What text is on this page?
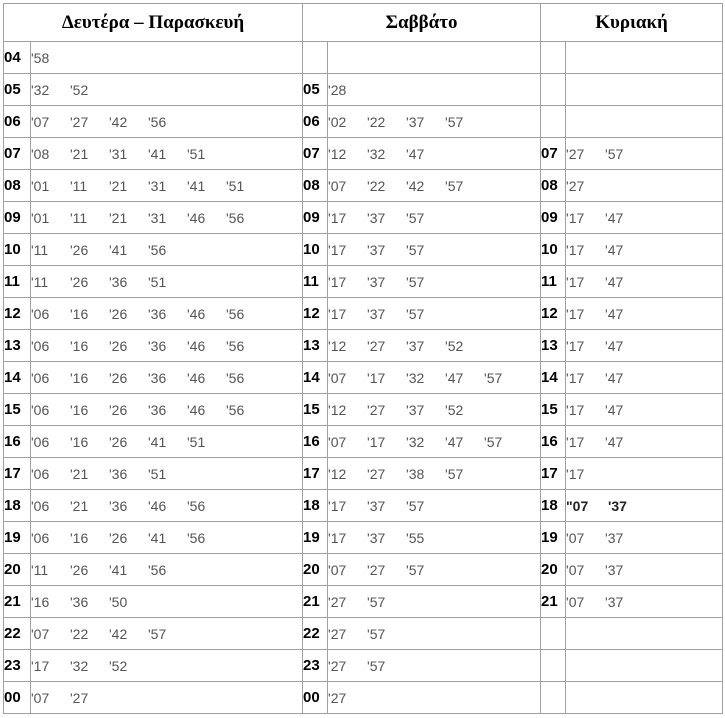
Δευτέρα – Παρασκευή		Σαββάτο		Κυριακή	
04	'58				
05	'32 '52	05	'28		
06	'07 '27 '42 '56	06	'02 '22 '37 '57		
07	'08 '21 '31 '41 '51	07	'12 '32 '47	07	'27 '57
08	'01 '11 '21 '31 '41 '51	08	'07 '22 '42 '57	08	'27
09	'01 '11 '21 '31 '46 '56	09	'17 '37 '57	09	'17 '47
10	'11 '26 '41 '56	10	'17 '37 '57	10	'17 '47
11	'11 '26 '36 '51	11	'17 '37 '57	11	'17 '47
12	'06 '16 '26 '36 '46 '56	12	'17 '37 '57	12	'17 '47
13	'06 '16 '26 '36 '46 '56	13	'12 '27 '37 '52	13	'17 '47
14	'06 '16 '26 '36 '46 '56	14	'07 '17 '32 '47 '57	14	'17 '47
15	'06 '16 '26 '36 '46 '56	15	'12 '27 '37 '52	15	'17 '47
16	'06 '16 '26 '41 '51	16	'07 '17 '32 '47 '57	16	'17 '47
17	'06 '21 '36 '51	17	'12 '27 '38 '57	17	'17
18	'06 '21 '36 '46 '56	18	'17 '37 '57	18	"07 '37
19	'06 '16 '26 '41 '56	19	'17 '37 '55	19	'07 '37
20	'11 '26 '41 '56	20	'07 '27 '57	20	'07 '37
21	'16 '36 '50	21	'27 '57	21	'07 '37
22	'07 '22 '42 '57	22	'27 '57		
23	'17 '32 '52	23	'27 '57		
00	'07 '27	00	'27		
